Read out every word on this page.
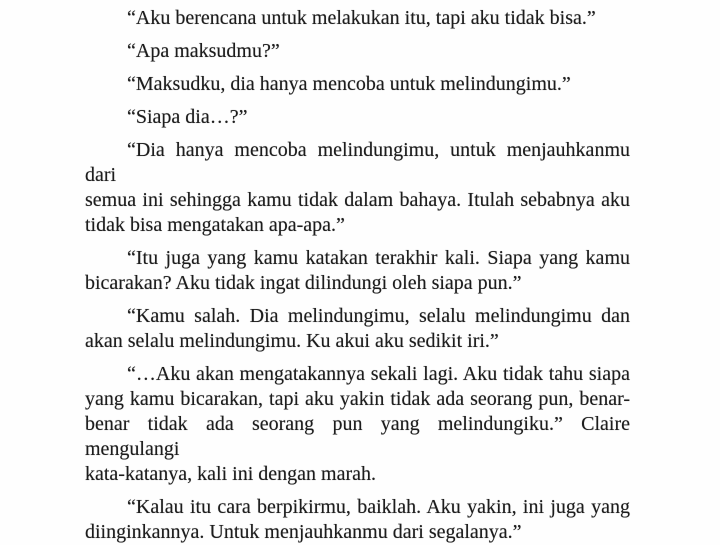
“Aku berencana untuk melakukan itu, tapi aku tidak bisa.”

“Apa maksudmu?”

“Maksudku, dia hanya mencoba untuk melindungimu.”

“Siapa dia…?”

“Dia hanya mencoba melindungimu, untuk menjauhkanmu dari
semua ini sehingga kamu tidak dalam bahaya. Itulah sebabnya aku
tidak bisa mengatakan apa-apa.”

“Itu juga yang kamu katakan terakhir kali. Siapa yang kamu
bicarakan? Aku tidak ingat dilindungi oleh siapa pun.”

“Kamu salah. Dia melindungimu, selalu melindungimu dan
akan selalu melindungimu. Ku akui aku sedikit iri.”

“…Aku akan mengatakannya sekali lagi. Aku tidak tahu siapa
yang kamu bicarakan, tapi aku yakin tidak ada seorang pun, benar-
benar tidak ada seorang pun yang melindungiku.” Claire mengulangi
kata-katanya, kali ini dengan marah.

“Kalau itu cara berpikirmu, baiklah. Aku yakin, ini juga yang
diinginkannya. Untuk menjauhkanmu dari segalanya.”
